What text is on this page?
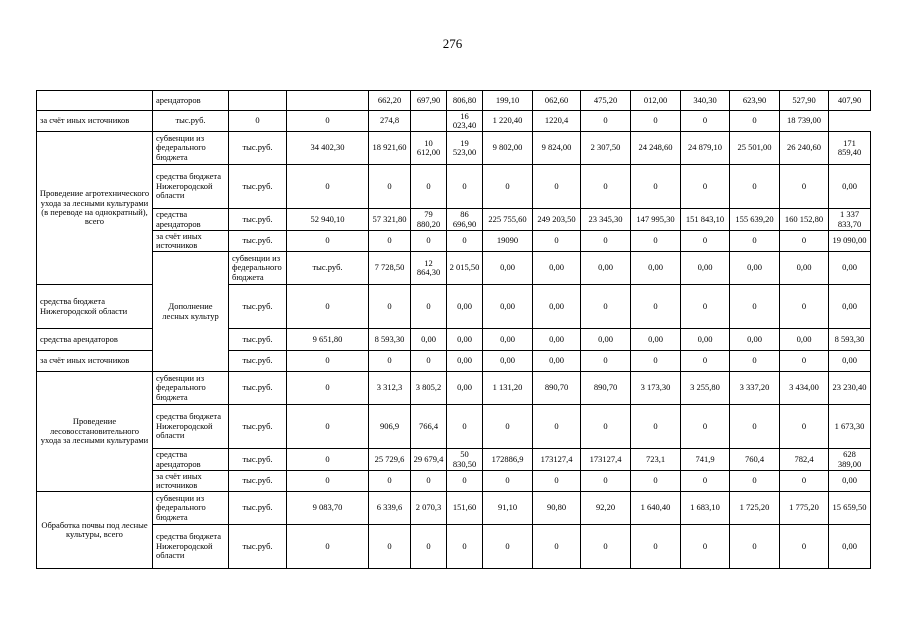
276
	арендаторов			662,20	697,90	806,80	199,10	062,60	475,20	012,00	340,30	623,90	527,90	407,90	
за счёт иных источников	тыс.руб.	0	0	274,8		16 023,40	1 220,40	1220,4	0	0	0	0	18 739,00		
Проведение агротехнического ухода за лесными культурами (в переводе на однократный), всего	субвенции из федерального бюджета	тыс.руб.	34 402,30	18 921,60	10 612,00	19 523,00	9 802,00	9 824,00	2 307,50	24 248,60	24 879,10	25 501,00	26 240,60	171 859,40	
	средства бюджета Нижегородской области	тыс.руб.	0	0	0	0	0	0	0	0	0	0	0	0,00	
	средства арендаторов	тыс.руб.	52 940,10	57 321,80	79 880,20	86 696,90	225 755,60	249 203,50	23 345,30	147 995,30	151 843,10	155 639,20	160 152,80	1 337 833,70	
	за счёт иных источников	тыс.руб.	0	0	0	0	19090	0	0	0	0	0	0	19 090,00	
	Дополнение лесных культур	субвенции из федерального бюджета	тыс.руб.	7 728,50	12 864,30	2 015,50	0,00	0,00	0,00	0,00	0,00	0,00	0,00	0,00	
средства бюджета Нижегородской области		тыс.руб.	0	0	0	0,00	0,00	0,00	0	0	0	0	0	0,00	
средства арендаторов		тыс.руб.	9 651,80	8 593,30	0,00	0,00	0,00	0,00	0,00	0,00	0,00	0,00	0,00	8 593,30	
за счёт иных источников		тыс.руб.	0	0	0	0,00	0,00	0,00	0	0	0	0	0	0,00	
Проведение лесовосстановительного ухода за лесными культурами	субвенции из федерального бюджета	тыс.руб.	0	3 312,3	3 805,2	0,00	1 131,20	890,70	890,70	3 173,30	3 255,80	3 337,20	3 434,00	23 230,40	
	средства бюджета Нижегородской области	тыс.руб.	0	906,9	766,4	0	0	0	0	0	0	0	0	1 673,30	
	средства арендаторов	тыс.руб.	0	25 729,6	29 679,4	50 830,50	172886,9	173127,4	173127,4	723,1	741,9	760,4	782,4	628 389,00	
	за счёт иных источников	тыс.руб.	0	0	0	0	0	0	0	0	0	0	0	0,00	
Обработка почвы под лесные культуры, всего	субвенции из федерального бюджета	тыс.руб.	9 083,70	6 339,6	2 070,3	151,60	91,10	90,80	92,20	1 640,40	1 683,10	1 725,20	1 775,20	15 659,50	
	средства бюджета Нижегородской области	тыс.руб.	0	0	0	0	0	0	0	0	0	0	0	0,00	
